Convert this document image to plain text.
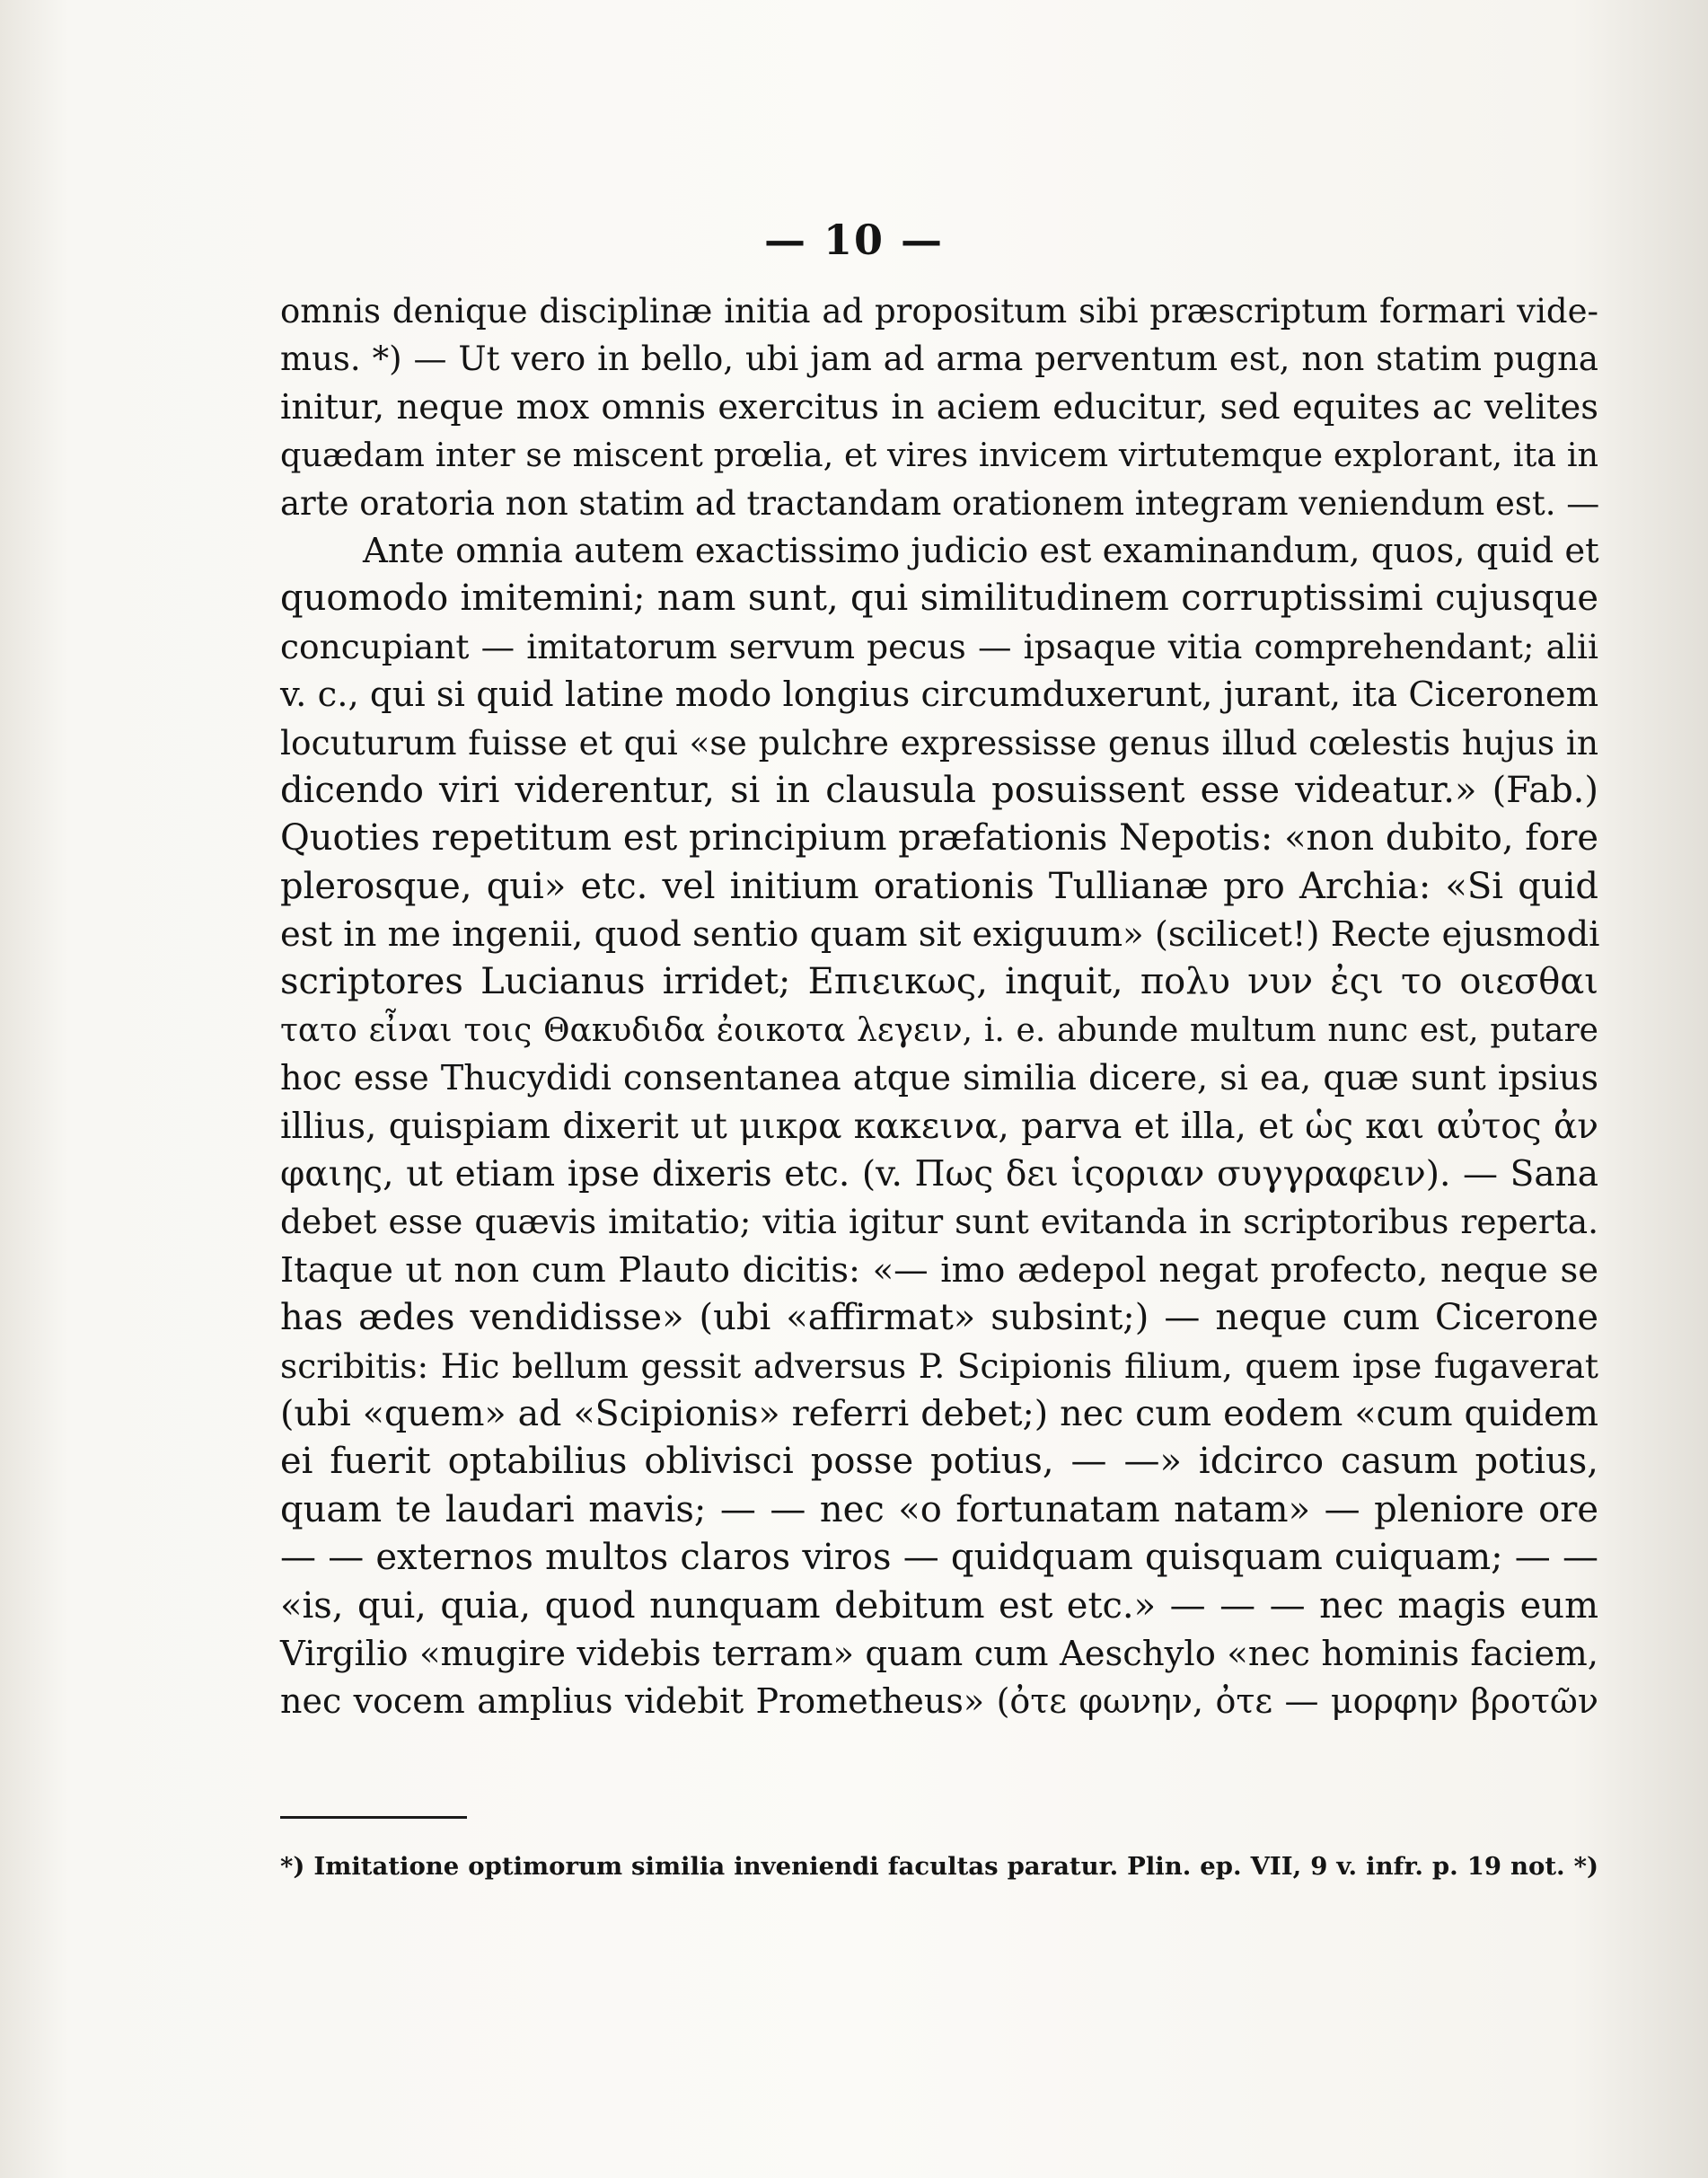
— 10 —
omnis denique disciplinæ initia ad propositum sibi præscriptum formari vide-
mus. *) — Ut vero in bello, ubi jam ad arma perventum est, non statim pugna
initur, neque mox omnis exercitus in aciem educitur, sed equites ac velites
quædam inter se miscent prœlia, et vires invicem virtutemque explorant, ita in
arte oratoria non statim ad tractandam orationem integram veniendum est. —
Ante omnia autem exactissimo judicio est examinandum, quos, quid et
quomodo imitemini; nam sunt, qui similitudinem corruptissimi cujusque
concupiant — imitatorum servum pecus — ipsaque vitia comprehendant; alii
v. c., qui si quid latine modo longius circumduxerunt, jurant, ita Ciceronem
locuturum fuisse et qui «se pulchre expressisse genus illud cœlestis hujus in
dicendo viri viderentur, si in clausula posuissent esse videatur.» (Fab.)
Quoties repetitum est principium præfationis Nepotis: «non dubito, fore
plerosque, qui» etc. vel initium orationis Tullianæ pro Archia: «Si quid
est in me ingenii, quod sentio quam sit exiguum» (scilicet!) Recte ejusmodi
scriptores Lucianus irridet; Επιεικως, inquit, πολυ νυν ἐςι το οιεσθαι
τατο εἶναι τοις Θακυδιδα ἐοικοτα λεγειν, i. e. abunde multum nunc est, putare
hoc esse Thucydidi consentanea atque similia dicere, si ea, quæ sunt ipsius
illius, quispiam dixerit ut μικρα κακεινα, parva et illa, et ὡς και αὐτος ἀν
φαιης, ut etiam ipse dixeris etc. (v. Πως δει ἱςοριαν συγγραφειν). — Sana
debet esse quævis imitatio; vitia igitur sunt evitanda in scriptoribus reperta.
Itaque ut non cum Plauto dicitis: «— imo ædepol negat profecto, neque se
has ædes vendidisse» (ubi «affirmat» subsint;) — neque cum Cicerone
scribitis: Hic bellum gessit adversus P. Scipionis filium, quem ipse fugaverat
(ubi «quem» ad «Scipionis» referri debet;) nec cum eodem «cum quidem
ei fuerit optabilius oblivisci posse potius, — —» idcirco casum potius,
quam te laudari mavis; — — nec «o fortunatam natam» — pleniore ore
— — externos multos claros viros — quidquam quisquam cuiquam; — —
«is, qui, quia, quod nunquam debitum est etc.» — — — nec magis eum
Virgilio «mugire videbis terram» quam cum Aeschylo «nec hominis faciem,
nec vocem amplius videbit Prometheus» (ὀτε φωνην, ὀτε — μορφην βροτῶν
*) Imitatione optimorum similia inveniendi facultas paratur. Plin. ep. VII, 9 v. infr. p. 19 not. *)
